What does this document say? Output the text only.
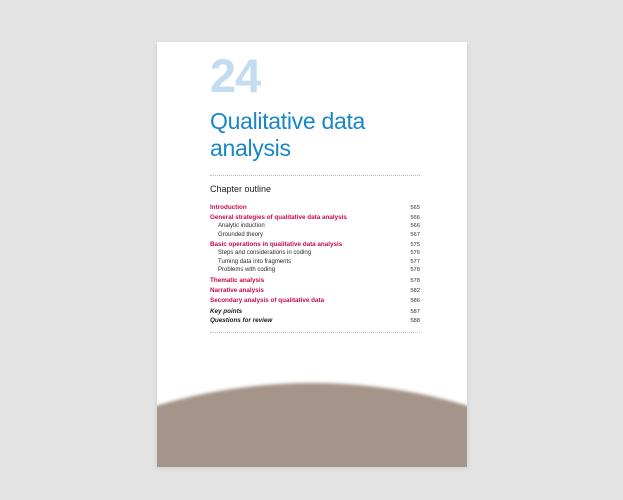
24
Qualitative data analysis
Chapter outline
Introduction	565
General strategies of qualitative data analysis	566
Analytic induction	566
Grounded theory	567
Basic operations in qualitative data analysis	575
Steps and considerations in coding	576
Turning data into fragments	577
Problems with coding	578
Thematic analysis	578
Narrative analysis	582
Secondary analysis of qualitative data	586
Key points	587
Questions for review	588
